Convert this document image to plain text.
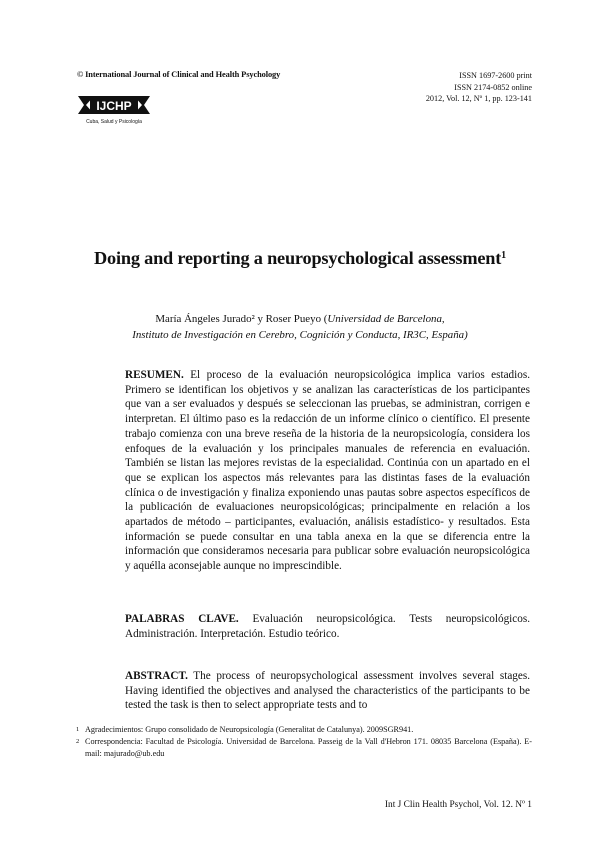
© International Journal of Clinical and Health Psychology	ISSN 1697-2600 print
ISSN 2174-0852 online
2012, Vol. 12, Nº 1, pp. 123-141
IJCHP
Cuba, Salud y Psicología
Doing and reporting a neuropsychological assessment$^1$
María Ángeles Jurado² y Roser Pueyo (Universidad de Barcelona,
Instituto de Investigación en Cerebro, Cognición y Conducta, IR3C, España)
RESUMEN. El proceso de la evaluación neuropsicológica implica varios estadios. Primero se identifican los objetivos y se analizan las características de los participantes que van a ser evaluados y después se seleccionan las pruebas, se administran, corrigen e interpretan. El último paso es la redacción de un informe clínico o científico. El presente trabajo comienza con una breve reseña de la historia de la neuropsicología, considera los enfoques de la evaluación y los principales manuales de referencia en evaluación. También se listan las mejores revistas de la especialidad. Continúa con un apartado en el que se explican los aspectos más relevantes para las distintas fases de la evaluación clínica o de investigación y finaliza exponiendo unas pautas sobre aspectos específicos de la publicación de evaluaciones neuropsicológicas; principalmente en relación a los apartados de método – participantes, evaluación, análisis estadístico- y resultados. Esta información se puede consultar en una tabla anexa en la que se diferencia entre la información que consideramos necesaria para publicar sobre evaluación neuropsicológica y aquélla aconsejable aunque no imprescindible.
PALABRAS CLAVE. Evaluación neuropsicológica. Tests neuropsicológicos. Administración. Interpretación. Estudio teórico.
ABSTRACT. The process of neuropsychological assessment involves several stages. Having identified the objectives and analysed the characteristics of the participants to be tested the task is then to select appropriate tests and to
1 Agradecimientos: Grupo consolidado de Neuropsicología (Generalitat de Catalunya). 2009SGR941.
2 Correspondencia: Facultad de Psicología. Universidad de Barcelona. Passeig de la Vall d'Hebron 171. 08035 Barcelona (España). E-mail: majurado@ub.edu
Int J Clin Health Psychol, Vol. 12. Nº 1
